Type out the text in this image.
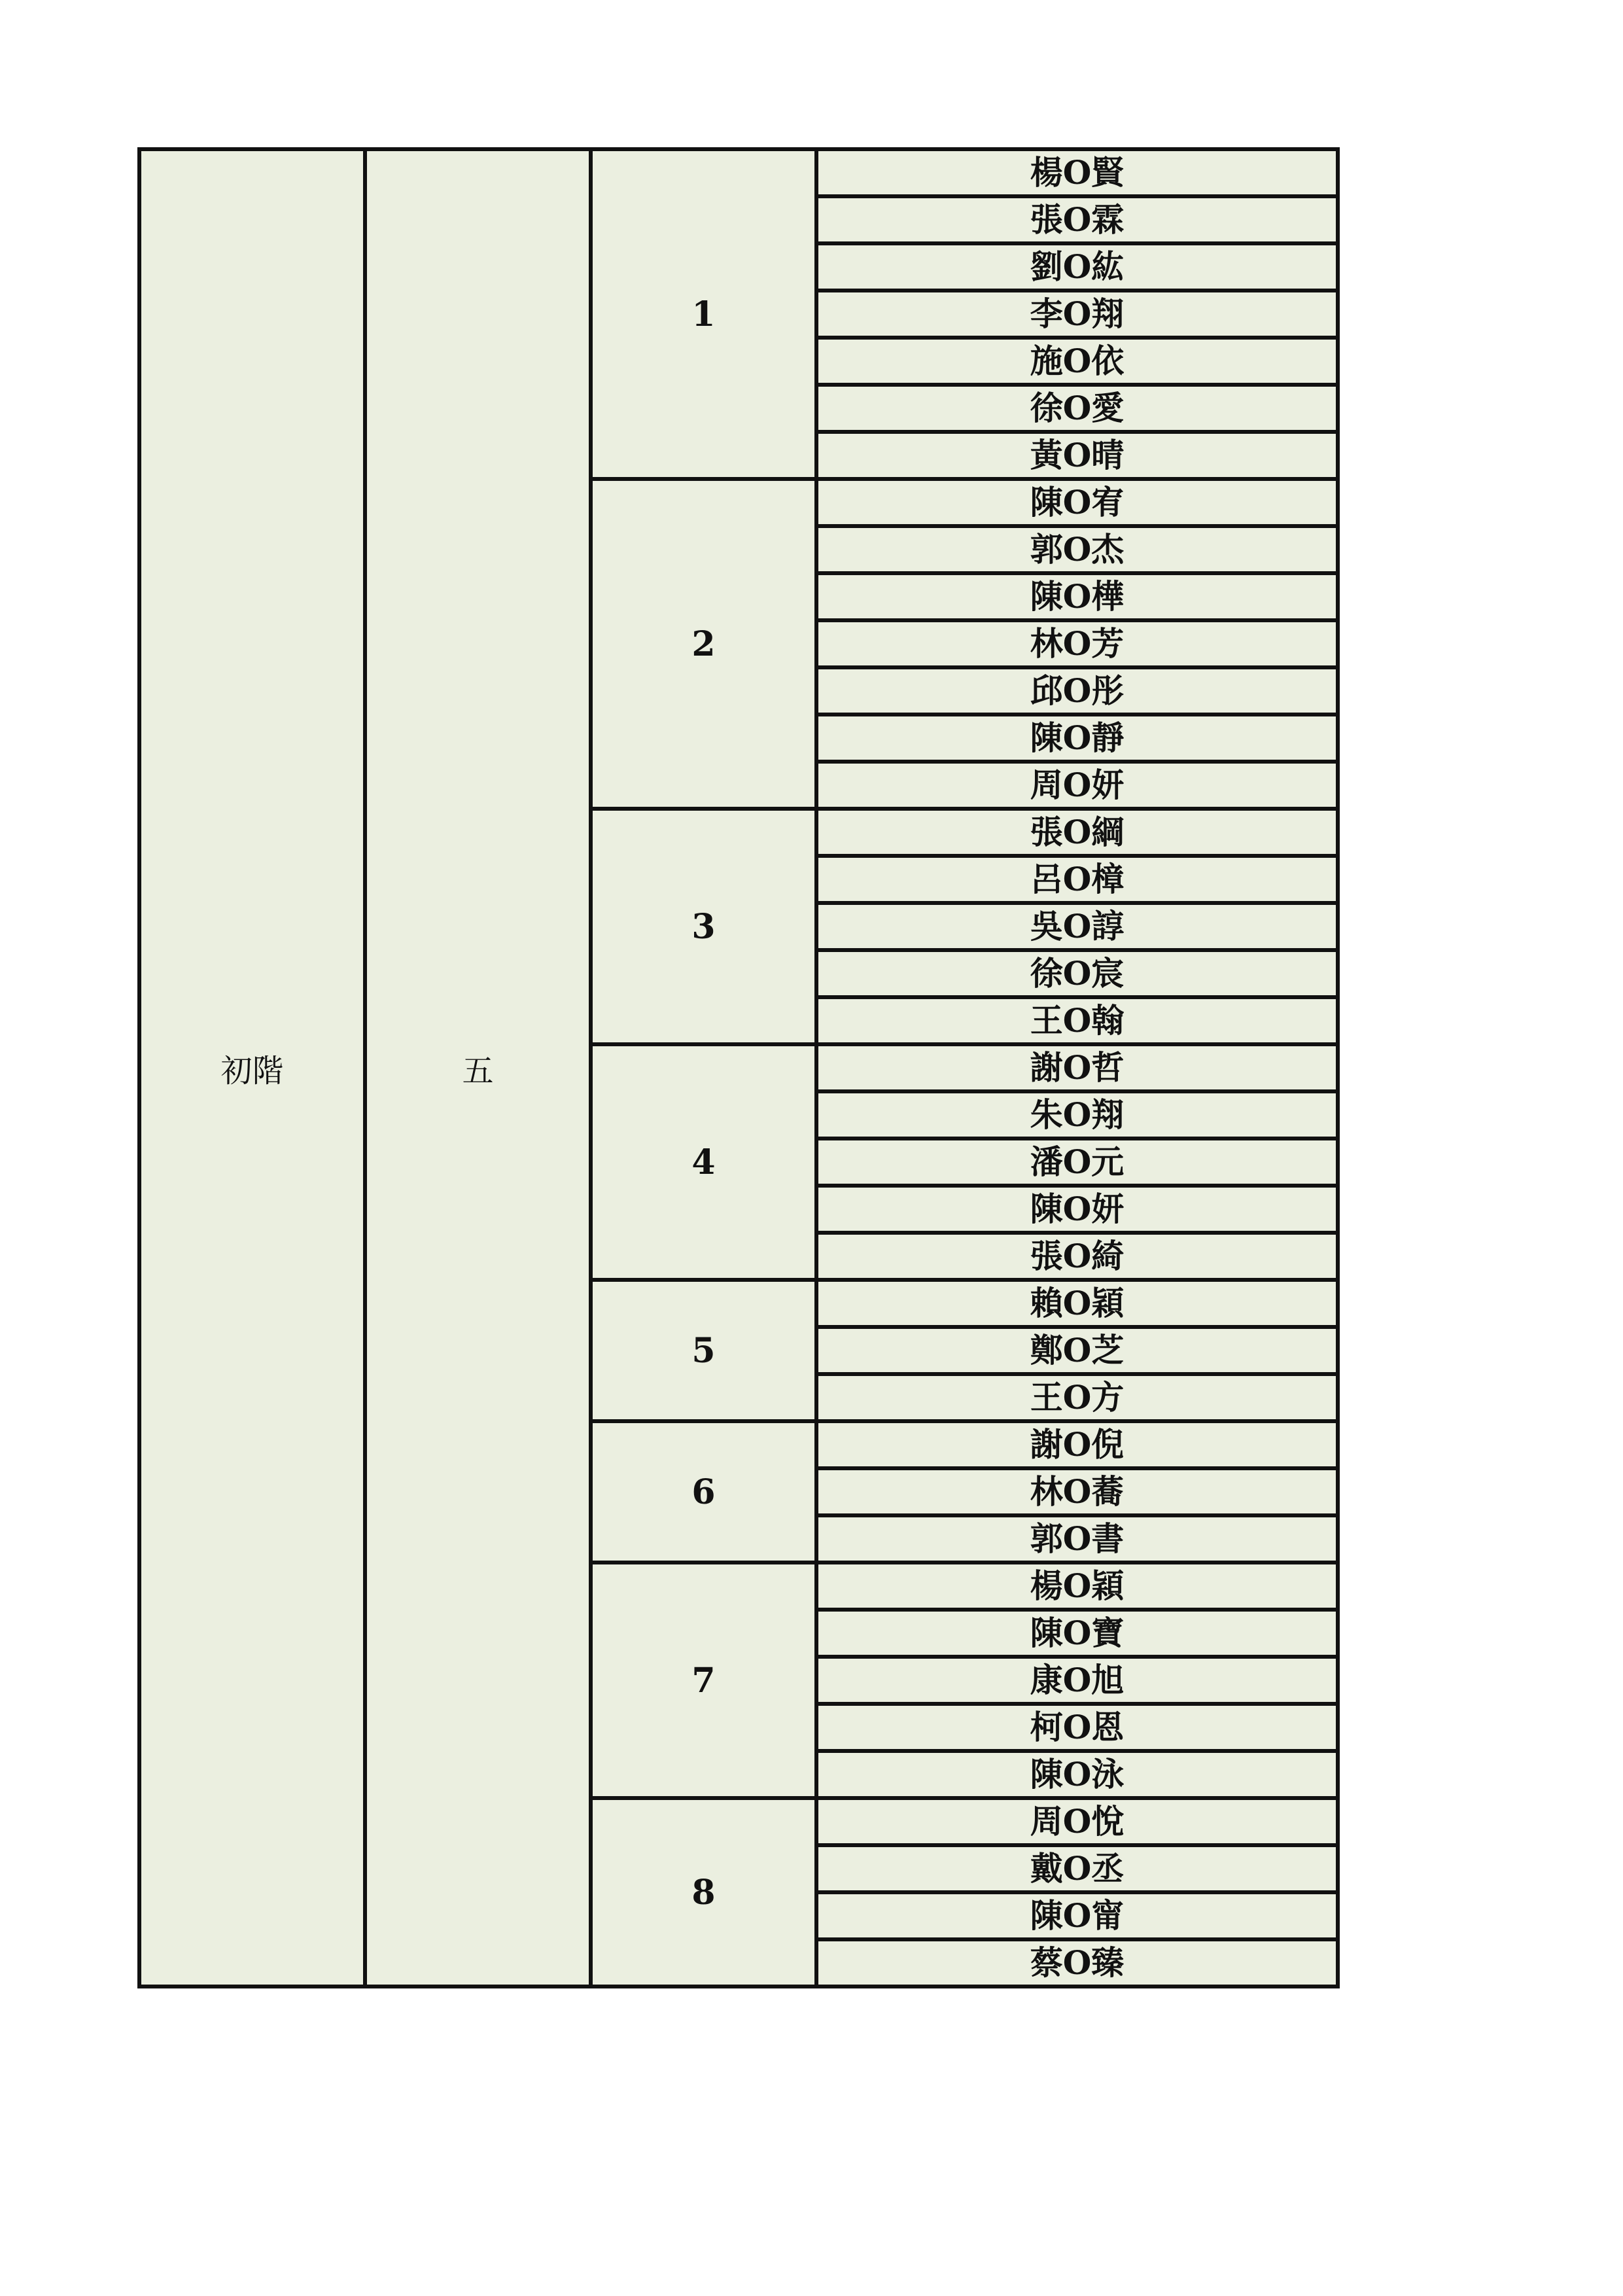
初階	五	1	楊O賢
			張O霖
			劉O紘
			李O翔
			施O依
			徐O愛
			黃O晴
		2	陳O宥
			郭O杰
			陳O樺
			林O芳
			邱O彤
			陳O靜
			周O妍
		3	張O綱
			呂O樟
			吳O諄
			徐O宸
			王O翰
		4	謝O哲
			朱O翔
			潘O元
			陳O妍
			張O綺
		5	賴O穎
			鄭O芝
			王O方
		6	謝O倪
			林O蕎
			郭O書
		7	楊O穎
			陳O寶
			康O旭
			柯O恩
			陳O泳
		8	周O悅
			戴O丞
			陳O甯
			蔡O臻
